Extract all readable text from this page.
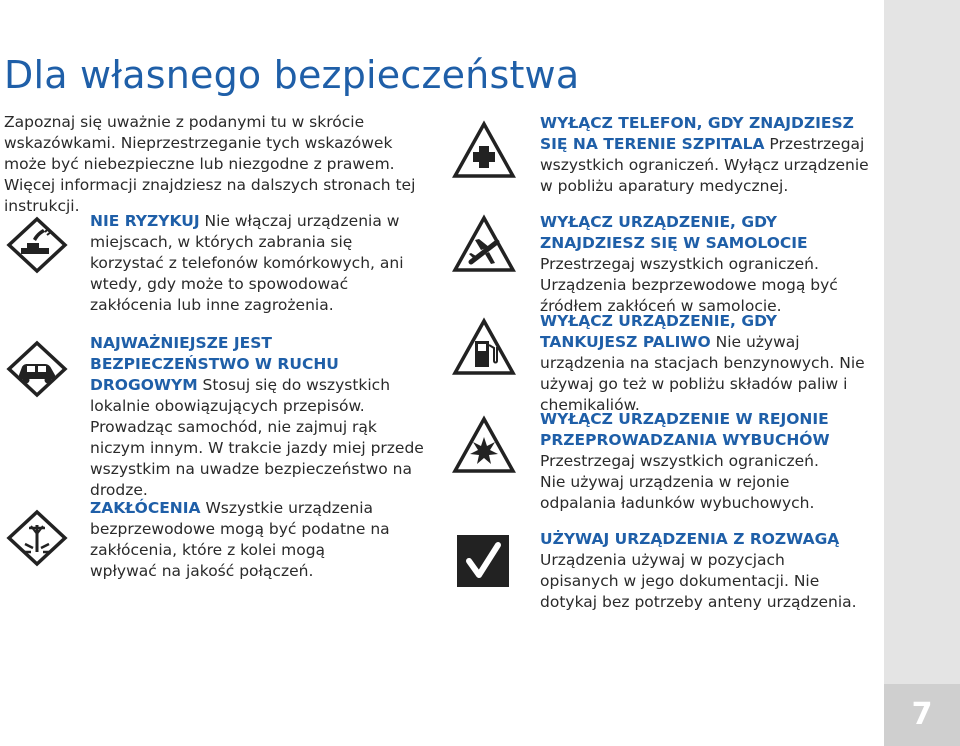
7
Dla własnego bezpieczeństwa
Zapoznaj się uważnie z podanymi tu w skrócie wskazówkami. Nieprzestrzeganie tych wskazówek może być niebezpieczne lub niezgodne z prawem. Więcej informacji znajdziesz na dalszych stronach tej instrukcji.
NIE RYZYKUJ Nie włączaj urządzenia w miejscach, w których zabrania się korzystać z telefonów komórkowych, ani wtedy, gdy może to spowodować zakłócenia lub inne zagrożenia.
NAJWAŻNIEJSZE JEST BEZPIECZEŃSTWO W RUCHU DROGOWYM Stosuj się do wszystkich lokalnie obowiązujących przepisów. Prowadząc samochód, nie zajmuj rąk niczym innym. W trakcie jazdy miej przede wszystkim na uwadze bezpieczeństwo na drodze.
ZAKŁÓCENIA Wszystkie urządzenia bezprzewodowe mogą być podatne na zakłócenia, które z kolei mogą wpływać na jakość połączeń.
WYŁĄCZ TELEFON, GDY ZNAJDZIESZ SIĘ NA TERENIE SZPITALA Przestrzegaj wszystkich ograniczeń. Wyłącz urządzenie w pobliżu aparatury medycznej.
WYŁĄCZ URZĄDZENIE, GDY ZNAJDZIESZ SIĘ W SAMOLOCIE Przestrzegaj wszystkich ograniczeń. Urządzenia bezprzewodowe mogą być źródłem zakłóceń w samolocie.
WYŁĄCZ URZĄDZENIE, GDY TANKUJESZ PALIWO Nie używaj urządzenia na stacjach benzynowych. Nie używaj go też w pobliżu składów paliw i chemikaliów.
WYŁĄCZ URZĄDZENIE W REJONIE PRZEPROWADZANIA WYBUCHÓW Przestrzegaj wszystkich ograniczeń. Nie używaj urządzenia w rejonie odpalania ładunków wybuchowych.
UŻYWAJ URZĄDZENIA Z ROZWAGĄ Urządzenia używaj w pozycjach opisanych w jego dokumentacji. Nie dotykaj bez potrzeby anteny urządzenia.
